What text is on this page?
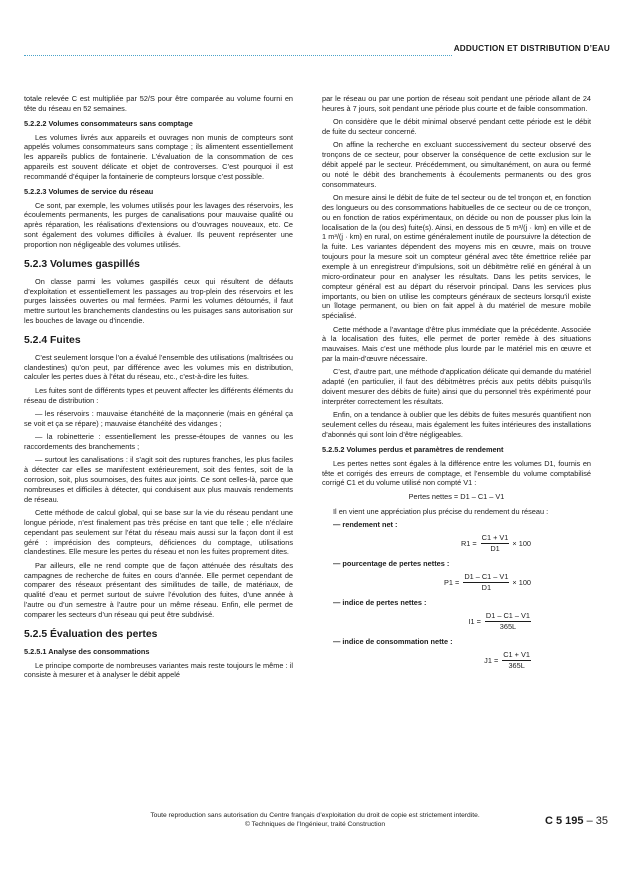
ADDUCTION ET DISTRIBUTION D’EAU

totale relevée C est multipliée par 52/S pour être comparée au volume fourni en tête du réseau en 52 semaines.

5.2.2.2 Volumes consommateurs sans comptage

Les volumes livrés aux appareils et ouvrages non munis de compteurs sont appelés volumes consommateurs sans comptage ; ils alimentent essentiellement les appareils publics de fontainerie. L’évaluation de la consommation de ces appareils est souvent délicate et objet de controverses. C’est pourquoi il est recommandé d’équiper la fontainerie de compteurs lorsque c’est possible.

5.2.2.3 Volumes de service du réseau

Ce sont, par exemple, les volumes utilisés pour les lavages des réservoirs, les écoulements permanents, les purges de canalisations pour mauvaise qualité ou après réparation, les réalisations d’extensions ou d’ouvrages nouveaux, etc. Ce sont également des volumes difficiles à évaluer. Ils peuvent représenter une proportion non négligeable des volumes utilisés.

5.2.3 Volumes gaspillés

On classe parmi les volumes gaspillés ceux qui résultent de défauts d’exploitation et essentiellement les passages au trop-plein des réservoirs et les purges laissées ouvertes ou mal fermées. Parmi les volumes détournés, il faut mettre surtout les branchements clandestins ou les puisages sans autorisation sur les bouches de lavage ou d’incendie.

5.2.4 Fuites

C’est seulement lorsque l’on a évalué l’ensemble des utilisations (maîtrisées ou clandestines) qu’on peut, par différence avec les volumes mis en distribution, calculer les pertes dues à l’état du réseau, etc., c’est-à-dire les fuites.

Les fuites sont de différents types et peuvent affecter les différents éléments du réseau de distribution :

— les réservoirs : mauvaise étanchéité de la maçonnerie (mais en général ça se voit et ça se répare) ; mauvaise étanchéité des vidanges ;

— la robinetterie : essentiellement les presse-étoupes de vannes ou les raccordements des branchements ;

— surtout les canalisations : il s’agit soit des ruptures franches, les plus faciles à détecter car elles se manifestent extérieurement, soit des fentes, soit de la corrosion, soit, plus sournoises, des fuites aux joints. Ce sont celles-là, parce que nombreuses et difficiles à détecter, qui conduisent aux plus mauvais rendements de réseau.

Cette méthode de calcul global, qui se base sur la vie du réseau pendant une longue période, n’est finalement pas très précise en tant que telle ; elle n’éclaire cependant pas seulement sur l’état du réseau mais aussi sur la façon dont il est géré : imprécision des compteurs, déficiences du comptage, utilisations clandestines. Elle mesure les pertes du réseau et non les fuites proprement dites.

Par ailleurs, elle ne rend compte que de façon atténuée des résultats des campagnes de recherche de fuites en cours d’année. Elle permet cependant de comparer des réseaux présentant des similitudes de taille, de matériaux, de qualité d’eau et permet surtout de suivre l’évolution des fuites, d’une année à l’autre ou d’un semestre à l’autre pour un même réseau. Enfin, elle permet de comparer les secteurs d’un réseau qui peut être subdivisé.

5.2.5 Évaluation des pertes
5.2.5.1 Analyse des consommations

Le principe comporte de nombreuses variantes mais reste toujours le même : il consiste à mesurer et à analyser le débit appelé

par le réseau ou par une portion de réseau soit pendant une période allant de 24 heures à 7 jours, soit pendant une période plus courte et de faible consommation.

On considère que le débit minimal observé pendant cette période est le débit de fuite du secteur concerné.

On affine la recherche en excluant successivement du secteur observé des tronçons de ce secteur, pour observer la conséquence de cette exclusion sur le débit appelé par le secteur. Précédemment, ou simultanément, on aura ou fermé ou noté le débit des branchements à écoulements permanents ou des gros consommateurs.

On mesure ainsi le débit de fuite de tel secteur ou de tel tronçon et, en fonction des longueurs ou des consommations habituelles de ce secteur ou de ce tronçon, ou en fonction de ratios expérimentaux, on décide ou non de pousser plus loin la localisation de la (ou des) fuite(s). Ainsi, en dessous de 5 m³/(j · km) en ville et de 1 m³/(j · km) en rural, on estime généralement inutile de poursuivre la détection de la fuite. Les variantes dépendent des moyens mis en œuvre, mais on trouve toujours pour la mesure soit un compteur général avec tête émettrice reliée par exemple à un enregistreur d’impulsions, soit un débitmètre relié en général à un micro-ordinateur pour en analyser les résultats. Dans les petits services, le compteur général est au départ du réservoir principal. Dans les services plus importants, ou bien on utilise les compteurs généraux de secteurs lorsqu’il existe un îlotage permanent, ou bien on fait appel à du matériel de mesure mobile spécialisé.

Cette méthode a l’avantage d’être plus immédiate que la précédente. Associée à la localisation des fuites, elle permet de porter remède à des situations mauvaises. Mais c’est une méthode plus lourde par le matériel mis en œuvre et par la main-d’œuvre nécessaire.

C’est, d’autre part, une méthode d’application délicate qui demande du matériel adapté (en particulier, il faut des débitmètres précis aux petits débits puisqu’ils doivent mesurer des débits de fuite) ainsi que du personnel très expérimenté pour interpréter correctement les résultats.

Enfin, on a tendance à oublier que les débits de fuites mesurés quantifient non seulement celles du réseau, mais également les fuites intérieures des installations d’abonnés qui sont loin d’être négligeables.

5.2.5.2 Volumes perdus et paramètres de rendement

Les pertes nettes sont égales à la différence entre les volumes D1, fournis en tête et corrigés des erreurs de comptage, et l’ensemble du volume comptabilisé corrigé C1 et du volume utilisé non compté V1 :

Pertes nettes = D1 – C1 – V1

Il en vient une appréciation plus précise du rendement du réseau :

— rendement net :

$R1 = \frac{C1 + V1}{D1} \times 100$

— pourcentage de pertes nettes :

$P1 = \frac{D1 - C1 - V1}{D1} \times 100$

— indice de pertes nettes :

$I1 = \frac{D1 - C1 - V1}{365L}$

— indice de consommation nette :

$J1 = \frac{C1 + V1}{365L}$
Toute reproduction sans autorisation du Centre français d’exploitation du droit de copie est strictement interdite.
© Techniques de l’Ingénieur, traité Construction	C 5 195 – 35
